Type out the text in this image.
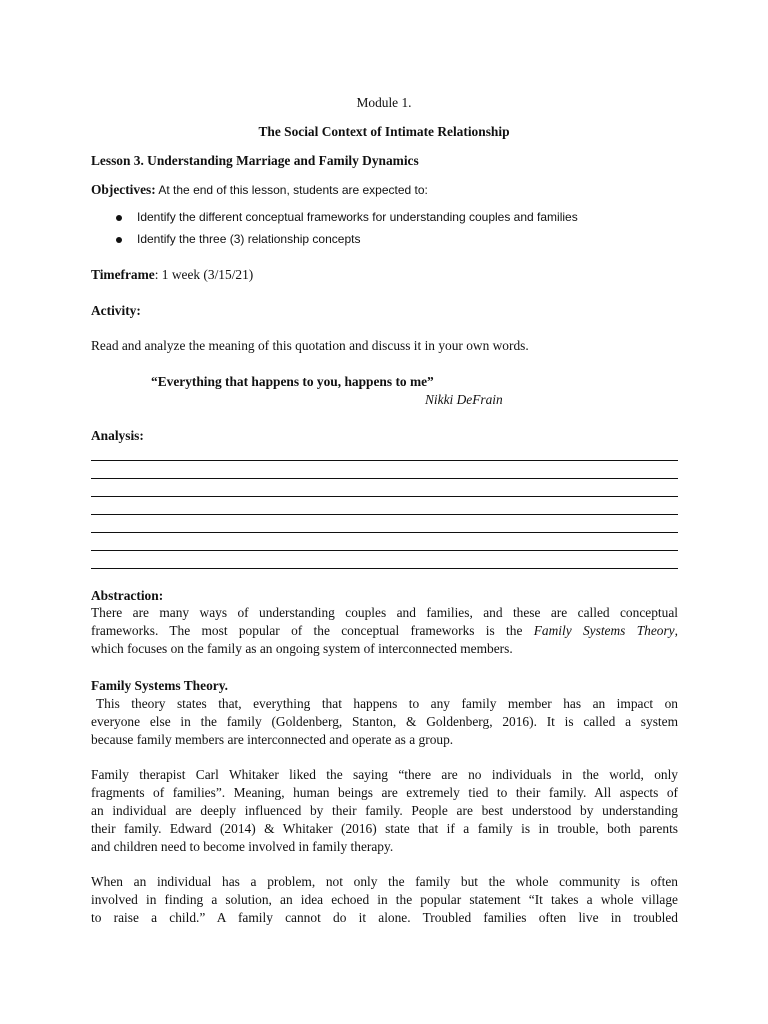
Module 1.
The Social Context of Intimate Relationship
Lesson 3. Understanding Marriage and Family Dynamics
Objectives: At the end of this lesson, students are expected to:
Identify the different conceptual frameworks for understanding couples and families
Identify the three (3) relationship concepts
Timeframe: 1 week (3/15/21)
Activity:
Read and analyze the meaning of this quotation and discuss it in your own words.
“Everything that happens to you, happens to me”
Nikki DeFrain
Analysis:
Abstraction:
There are many ways of understanding couples and families, and these are called conceptual
frameworks. The most popular of the conceptual frameworks is the Family Systems Theory,
which focuses on the family as an ongoing system of interconnected members.
Family Systems Theory.
This theory states that, everything that happens to any family member has an impact on
everyone else in the family (Goldenberg, Stanton, & Goldenberg, 2016). It is called a system
because family members are interconnected and operate as a group.
Family therapist Carl Whitaker liked the saying “there are no individuals in the world, only
fragments of families”. Meaning, human beings are extremely tied to their family. All aspects of
an individual are deeply influenced by their family. People are best understood by understanding
their family. Edward (2014) & Whitaker (2016) state that if a family is in trouble, both parents
and children need to become involved in family therapy.
When an individual has a problem, not only the family but the whole community is often
involved in finding a solution, an idea echoed in the popular statement “It takes a whole village
to raise a child.” A family cannot do it alone. Troubled families often live in troubled
